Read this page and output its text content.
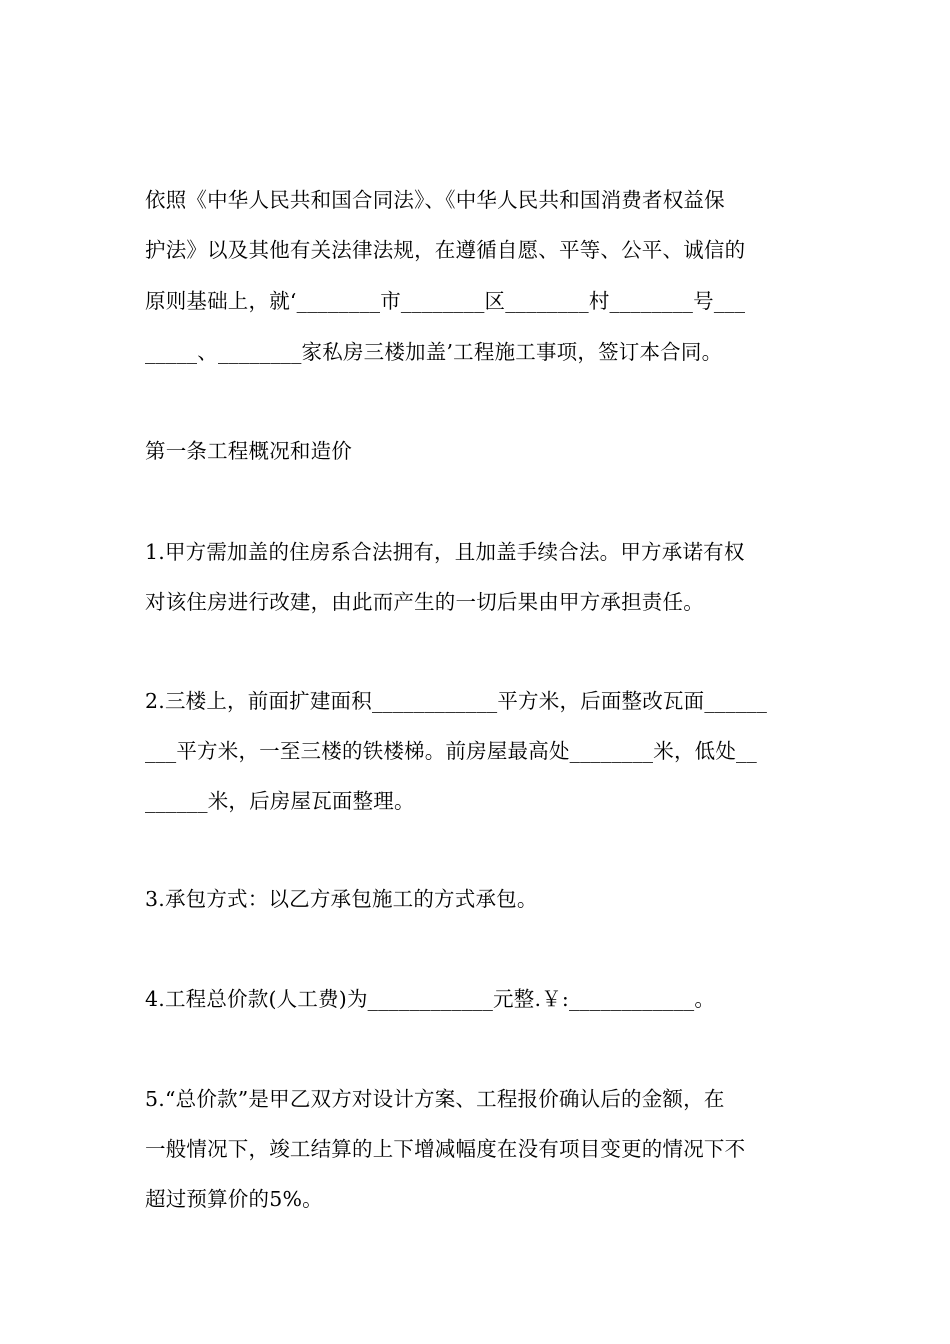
依照《中华人民共和国合同法》、《中华人民共和国消费者权益保
护法》以及其他有关法律法规，在遵循自愿、平等、公平、诚信的
原则基础上，就‘________市________区________村________号___
_____、________家私房三楼加盖’工程施工事项，签订本合同。
第一条工程概况和造价
1.甲方需加盖的住房系合法拥有，且加盖手续合法。甲方承诺有权
对该住房进行改建，由此而产生的一切后果由甲方承担责任。
2.三楼上，前面扩建面积____________平方米，后面整改瓦面______
___平方米，一至三楼的铁楼梯。前房屋最高处________米，低处__
______米，后房屋瓦面整理。
3.承包方式：以乙方承包施工的方式承包。
4.工程总价款(人工费)为____________元整.￥:____________。
5.“总价款”是甲乙双方对设计方案、工程报价确认后的金额，在
一般情况下，竣工结算的上下增减幅度在没有项目变更的情况下不
超过预算价的5%。
